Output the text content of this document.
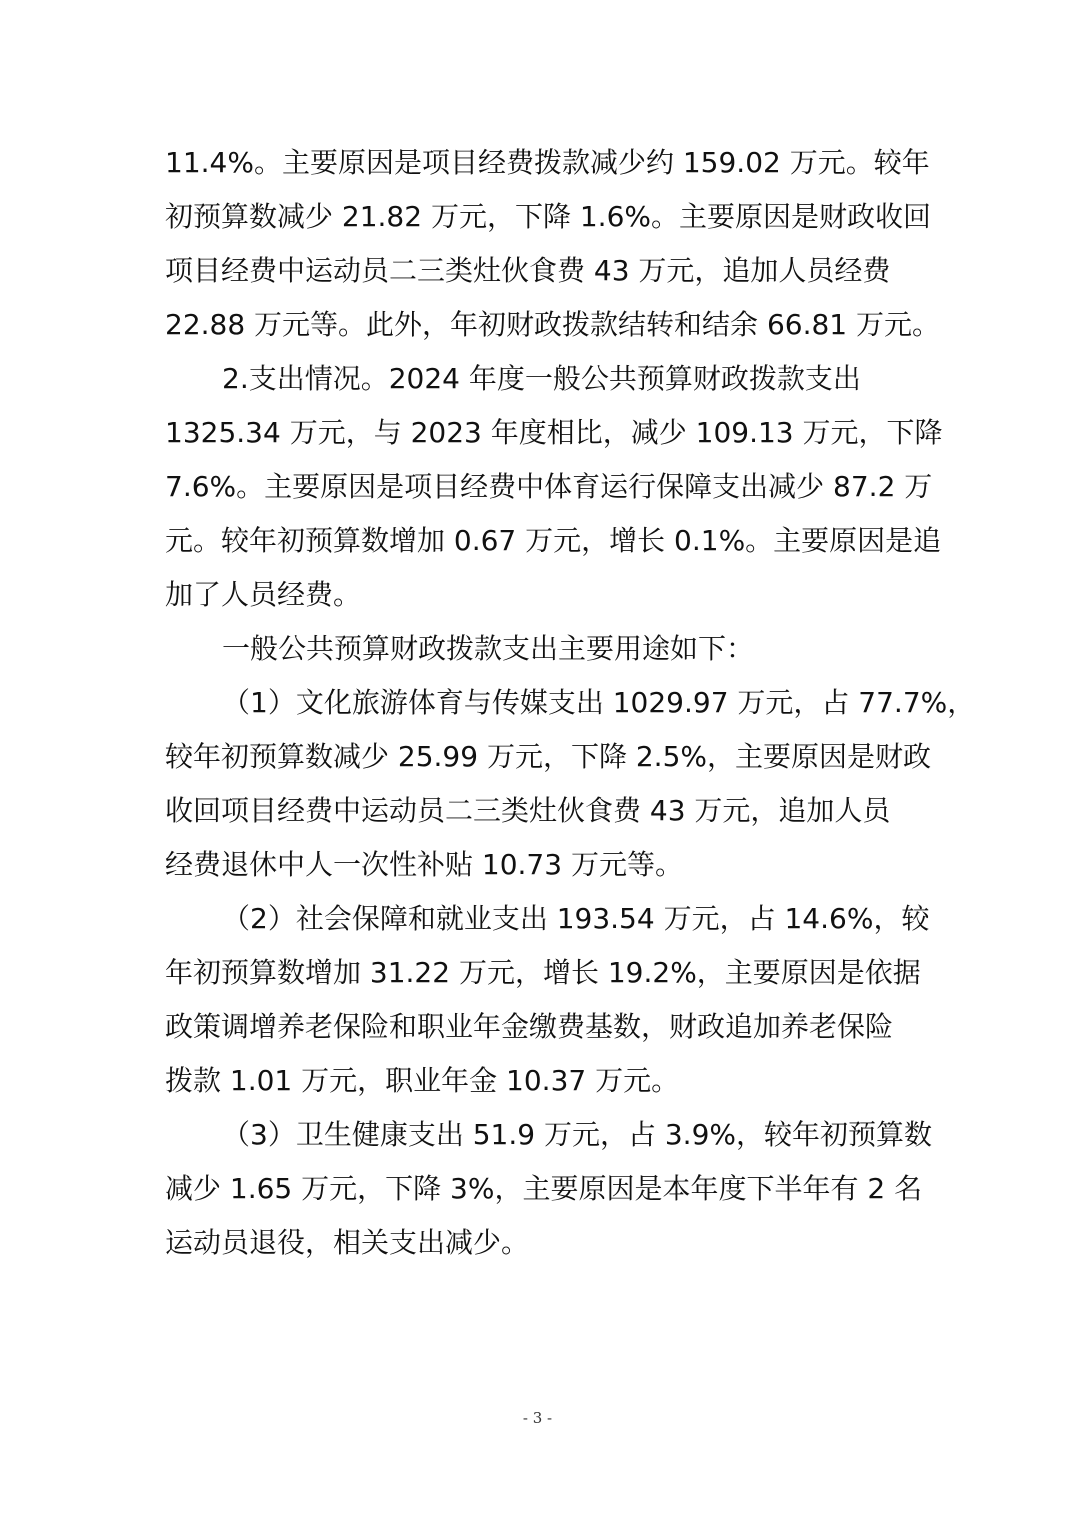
11.4%。主要原因是项目经费拨款减少约 159.02 万元。较年
初预算数减少 21.82 万元，下降 1.6%。主要原因是财政收回
项目经费中运动员二三类灶伙食费 43 万元，追加人员经费
22.88 万元等。此外，年初财政拨款结转和结余 66.81 万元。
2.支出情况。2024 年度一般公共预算财政拨款支出
1325.34 万元，与 2023 年度相比，减少 109.13 万元，下降
7.6%。主要原因是项目经费中体育运行保障支出减少 87.2 万
元。较年初预算数增加 0.67 万元，增长 0.1%。主要原因是追
加了人员经费。
一般公共预算财政拨款支出主要用途如下：
（1）文化旅游体育与传媒支出 1029.97 万元，占 77.7%，
较年初预算数减少 25.99 万元，下降 2.5%，主要原因是财政
收回项目经费中运动员二三类灶伙食费 43 万元，追加人员
经费退休中人一次性补贴 10.73 万元等。
（2）社会保障和就业支出 193.54 万元，占 14.6%，较
年初预算数增加 31.22 万元，增长 19.2%，主要原因是依据
政策调增养老保险和职业年金缴费基数，财政追加养老保险
拨款 1.01 万元，职业年金 10.37 万元。
（3）卫生健康支出 51.9 万元，占 3.9%，较年初预算数
减少 1.65 万元，下降 3%，主要原因是本年度下半年有 2 名
运动员退役，相关支出减少。
- 3 -
